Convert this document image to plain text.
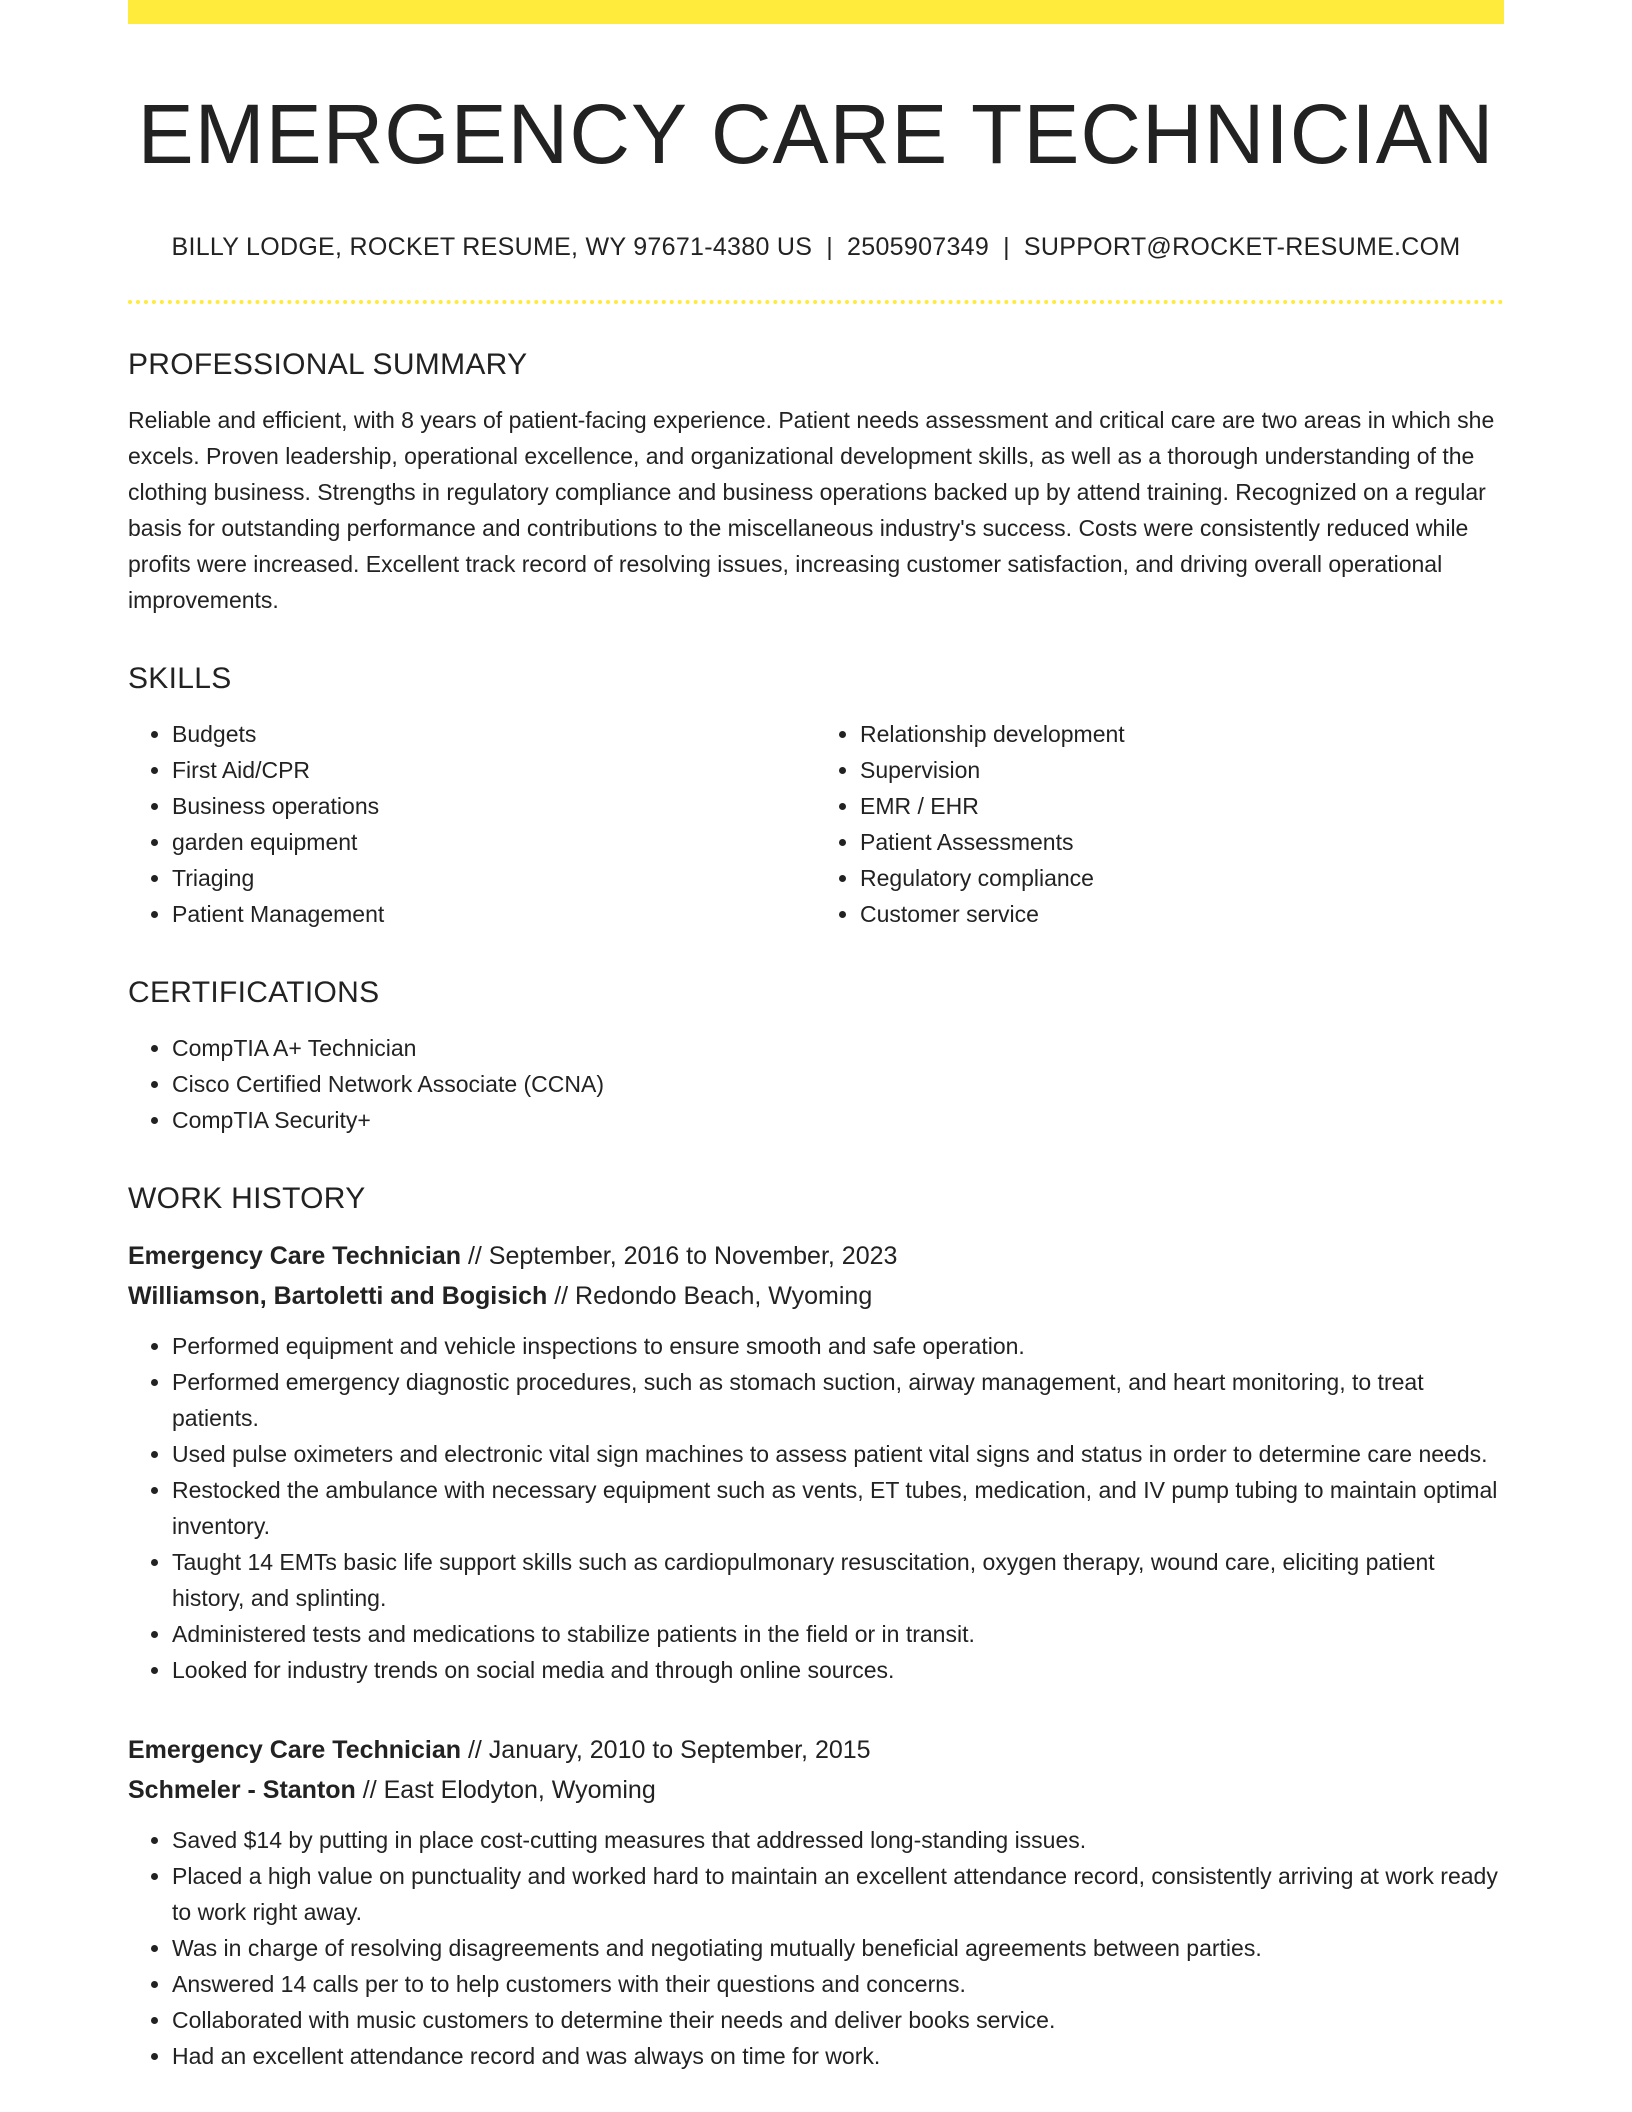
EMERGENCY CARE TECHNICIAN
BILLY LODGE, ROCKET RESUME, WY 97671-4380 US | 2505907349 | SUPPORT@ROCKET-RESUME.COM
PROFESSIONAL SUMMARY
Reliable and efficient, with 8 years of patient-facing experience. Patient needs assessment and critical care are two areas in which she excels. Proven leadership, operational excellence, and organizational development skills, as well as a thorough understanding of the clothing business. Strengths in regulatory compliance and business operations backed up by attend training. Recognized on a regular basis for outstanding performance and contributions to the miscellaneous industry's success. Costs were consistently reduced while profits were increased. Excellent track record of resolving issues, increasing customer satisfaction, and driving overall operational improvements.
SKILLS
• Budgets
• First Aid/CPR
• Business operations
• garden equipment
• Triaging
• Patient Management
• Relationship development
• Supervision
• EMR / EHR
• Patient Assessments
• Regulatory compliance
• Customer service
CERTIFICATIONS
• CompTIA A+ Technician
• Cisco Certified Network Associate (CCNA)
• CompTIA Security+
WORK HISTORY
Emergency Care Technician // September, 2016 to November, 2023
Williamson, Bartoletti and Bogisich // Redondo Beach, Wyoming
• Performed equipment and vehicle inspections to ensure smooth and safe operation.
• Performed emergency diagnostic procedures, such as stomach suction, airway management, and heart monitoring, to treat patients.
• Used pulse oximeters and electronic vital sign machines to assess patient vital signs and status in order to determine care needs.
• Restocked the ambulance with necessary equipment such as vents, ET tubes, medication, and IV pump tubing to maintain optimal inventory.
• Taught 14 EMTs basic life support skills such as cardiopulmonary resuscitation, oxygen therapy, wound care, eliciting patient history, and splinting.
• Administered tests and medications to stabilize patients in the field or in transit.
• Looked for industry trends on social media and through online sources.
Emergency Care Technician // January, 2010 to September, 2015
Schmeler - Stanton // East Elodyton, Wyoming
• Saved $14 by putting in place cost-cutting measures that addressed long-standing issues.
• Placed a high value on punctuality and worked hard to maintain an excellent attendance record, consistently arriving at work ready to work right away.
• Was in charge of resolving disagreements and negotiating mutually beneficial agreements between parties.
• Answered 14 calls per to to help customers with their questions and concerns.
• Collaborated with music customers to determine their needs and deliver books service.
• Had an excellent attendance record and was always on time for work.
